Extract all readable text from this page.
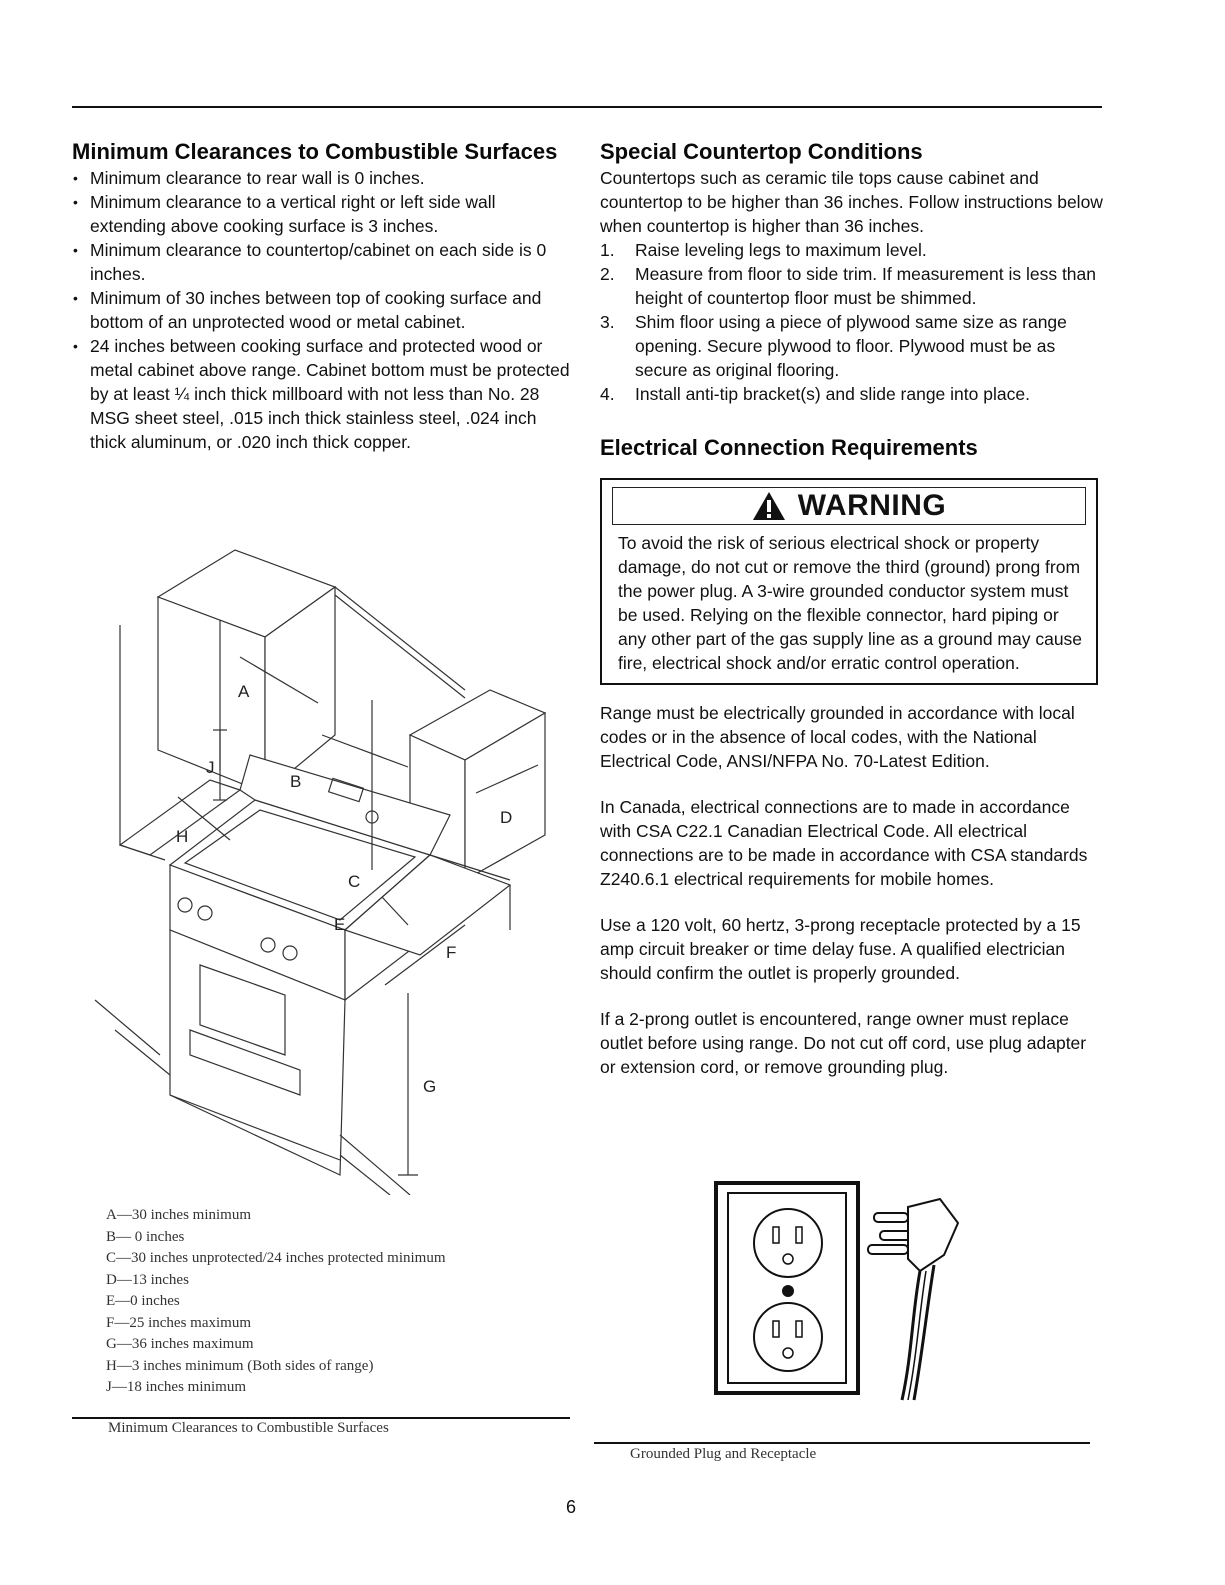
Minimum Clearances to Combustible Surfaces
• Minimum clearance to rear wall is 0 inches.
• Minimum clearance to a vertical right or left side wall extending above cooking surface is 3 inches.
• Minimum clearance to countertop/cabinet on each side is 0 inches.
• Minimum of 30 inches between top of cooking surface and bottom of an unprotected wood or metal cabinet.
• 24 inches between cooking surface and protected wood or metal cabinet above range. Cabinet bottom must be protected by at least ¼ inch thick millboard with not less than No. 28 MSG sheet steel, .015 inch thick stainless steel, .024 inch thick aluminum, or .020 inch thick copper.
A
B
C
D
E
F
G
H
J
A—30 inches minimum
B— 0 inches
C—30 inches unprotected/24 inches protected minimum
D—13 inches
E—0 inches
F—25 inches maximum
G—36 inches maximum
H—3 inches minimum (Both sides of range)
J—18 inches minimum
Minimum Clearances to Combustible Surfaces
Special Countertop Conditions

Countertops such as ceramic tile tops cause cabinet and countertop to be higher than 36 inches. Follow instructions below when countertop is higher than 36 inches.

1. Raise leveling legs to maximum level.
2. Measure from floor to side trim. If measurement is less than height of countertop floor must be shimmed.
3. Shim floor using a piece of plywood same size as range opening. Secure plywood to floor. Plywood must be as secure as original flooring.
4. Install anti-tip bracket(s) and slide range into place.
Electrical Connection Requirements
WARNING

To avoid the risk of serious electrical shock or property damage, do not cut or remove the third (ground) prong from the power plug. A 3-wire grounded conductor system must be used. Relying on the flexible connector, hard piping or any other part of the gas supply line as a ground may cause fire, electrical shock and/or erratic control operation.

Range must be electrically grounded in accordance with local codes or in the absence of local codes, with the National Electrical Code, ANSI/NFPA No. 70-Latest Edition.

In Canada, electrical connections are to made in accordance with CSA C22.1 Canadian Electrical Code. All electrical connections are to be made in accordance with CSA standards Z240.6.1 electrical requirements for mobile homes.

Use a 120 volt, 60 hertz, 3-prong receptacle protected by a 15 amp circuit breaker or time delay fuse. A qualified electrician should confirm the outlet is properly grounded.

If a 2-prong outlet is encountered, range owner must replace outlet before using range. Do not cut off cord, use plug adapter or extension cord, or remove grounding plug.

Grounded Plug and Receptacle
6
